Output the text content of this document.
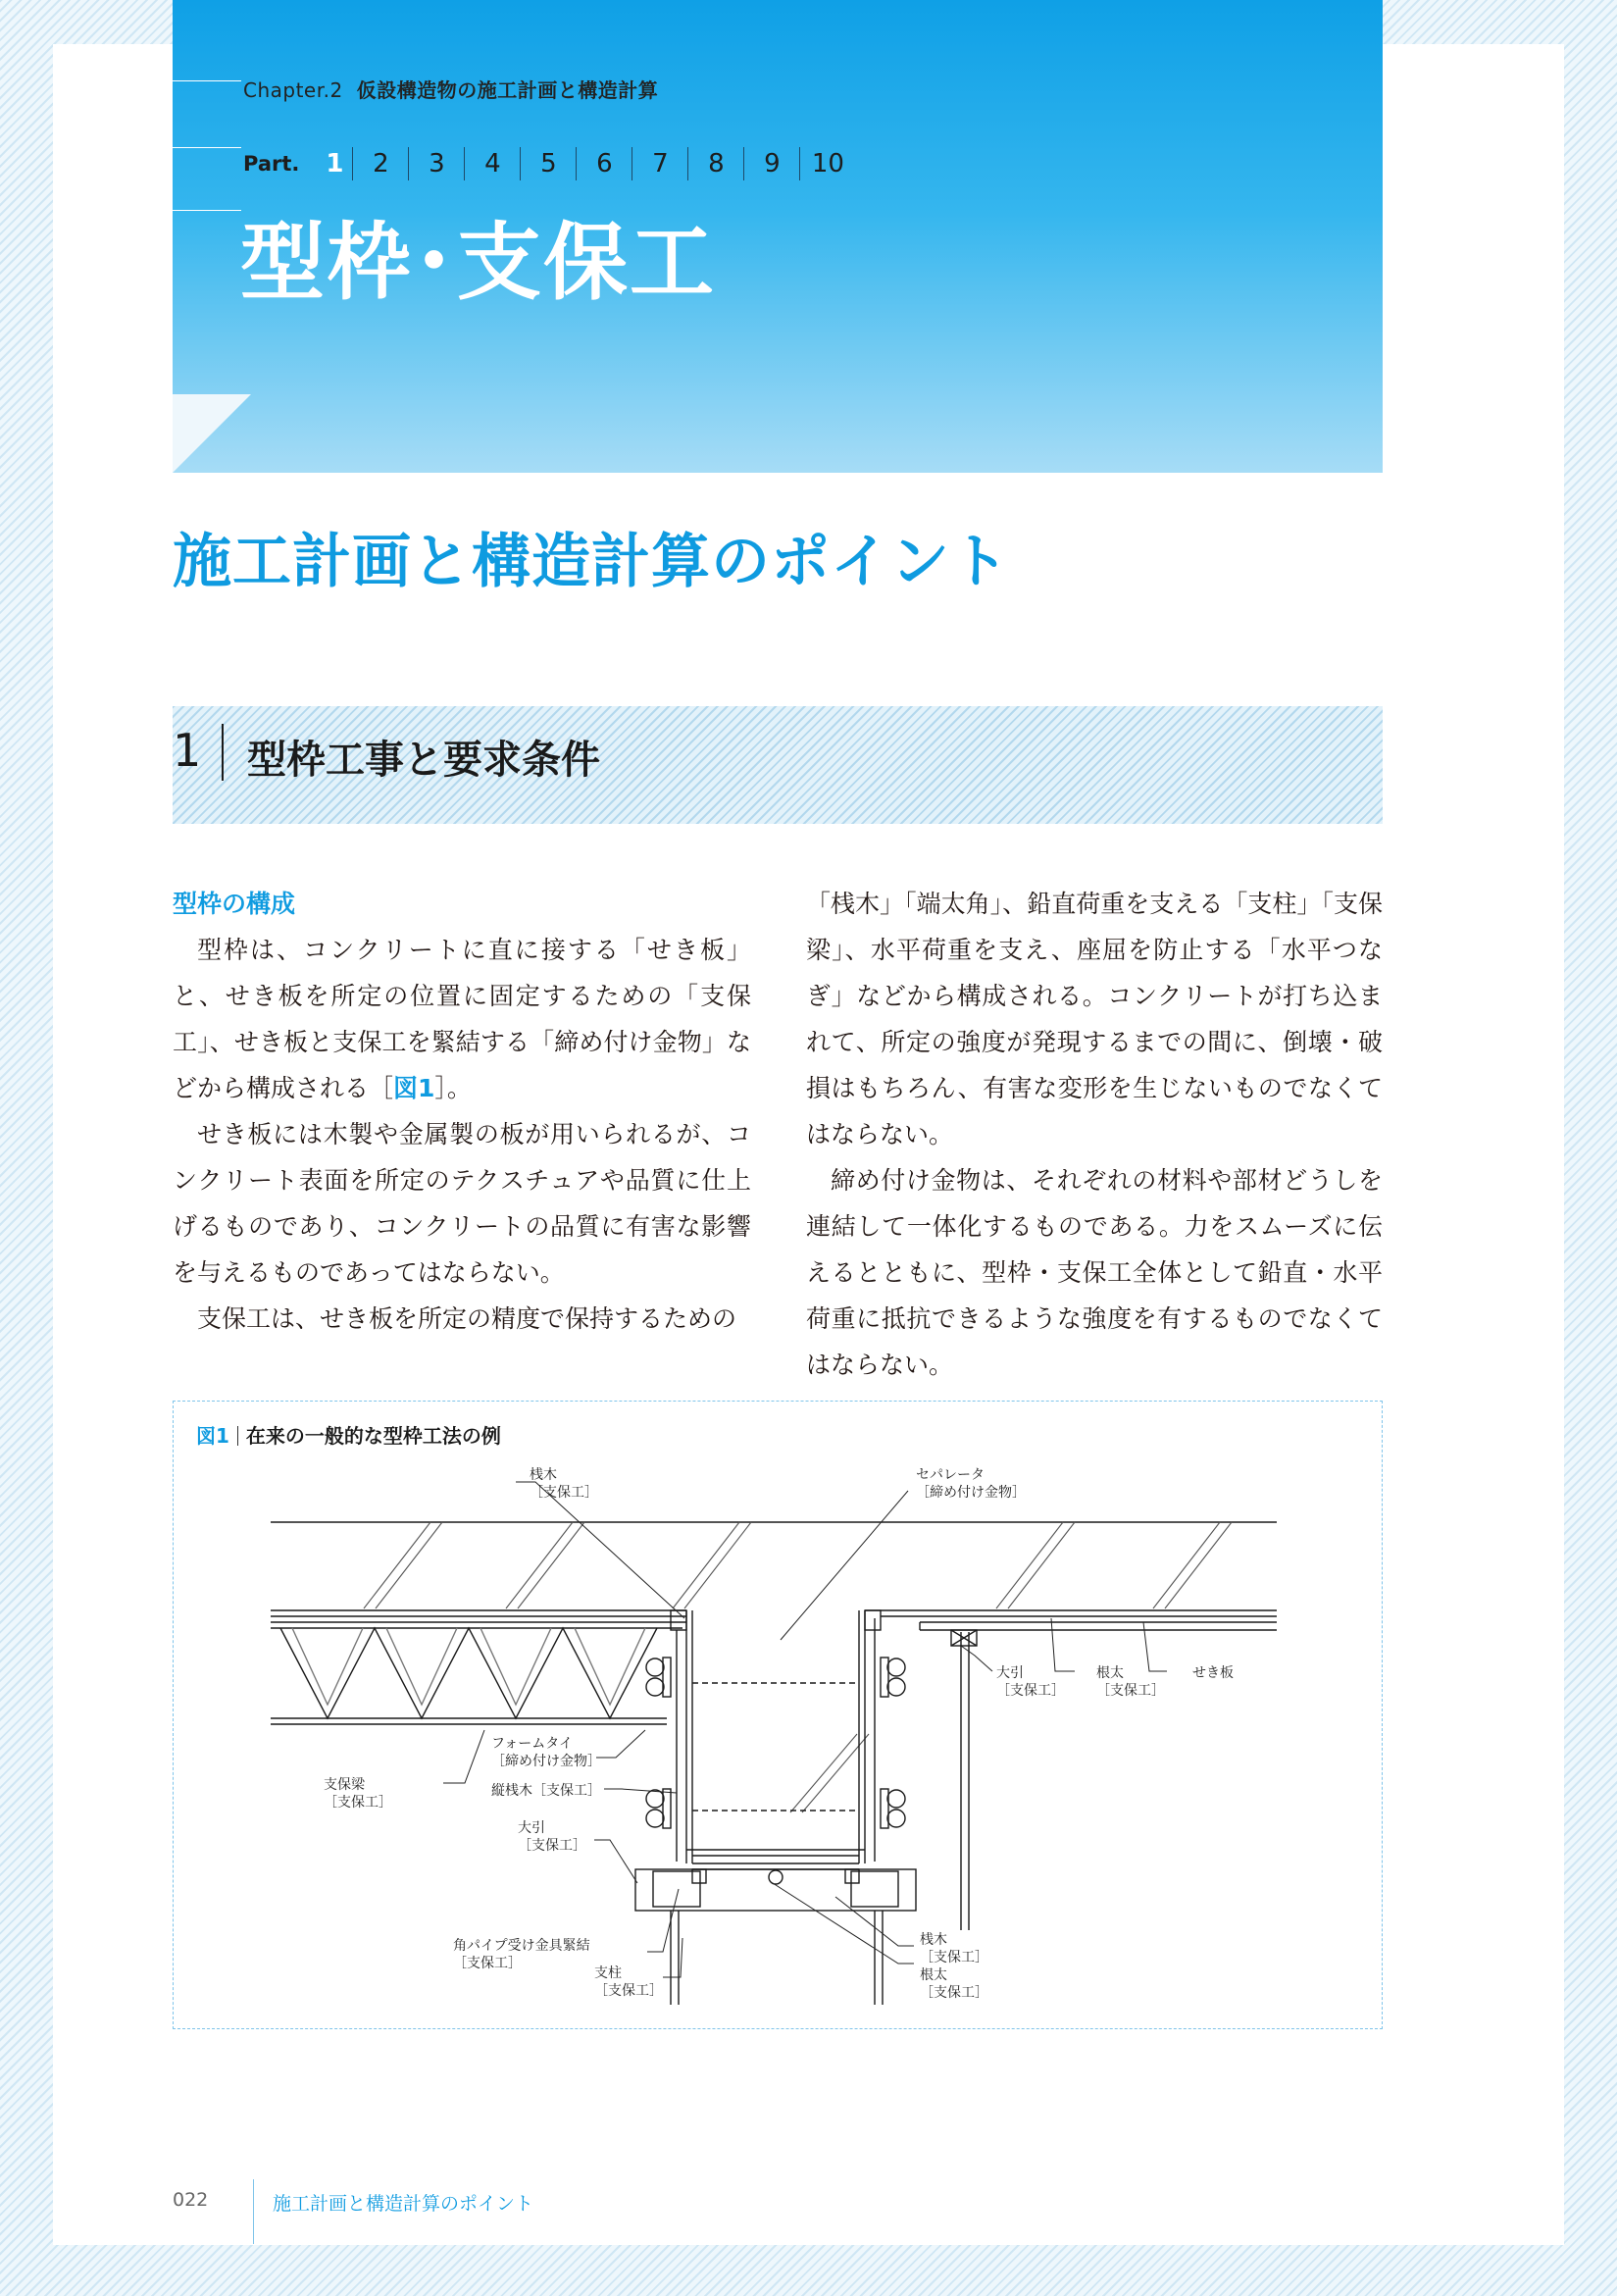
Chapter.2 仮設構造物の施工計画と構造計算
Part.	1	2	3	4	5	6	7	8	9	10
型枠･支保工
施工計画と構造計算のポイント
1 型枠工事と要求条件

型枠の構成

型枠は、コンクリートに直に接する「せき板」と、せき板を所定の位置に固定するための「支保工」、せき板と支保工を緊結する「締め付け金物」などから構成される［図1］。

せき板には木製や金属製の板が用いられるが、コンクリート表面を所定のテクスチュアや品質に仕上げるものであり、コンクリートの品質に有害な影響を与えるものであってはならない。

支保工は、せき板を所定の精度で保持するための

「桟木」「端太角」、鉛直荷重を支える「支柱」「支保梁」、水平荷重を支え、座屈を防止する「水平つなぎ」などから構成される。コンクリートが打ち込まれて、所定の強度が発現するまでの間に、倒壊・破損はもちろん、有害な変形を生じないものでなくてはならない。

締め付け金物は、それぞれの材料や部材どうしを連結して一体化するものである。力をスムーズに伝えるとともに、型枠・支保工全体として鉛直・水平荷重に抵抗できるような強度を有するものでなくてはならない。

図1 在来の一般的な型枠工法の例
桟木
［支保工］
セパレータ
［締め付け金物］
大引
［支保工］
根太
［支保工］
せき板
フォームタイ
［締め付け金物］
縦桟木［支保工］
支保梁
［支保工］
大引
［支保工］
角パイプ受け金具緊結
［支保工］
支柱
［支保工］
桟木
［支保工］
根太
［支保工］
022	施工計画と構造計算のポイント
